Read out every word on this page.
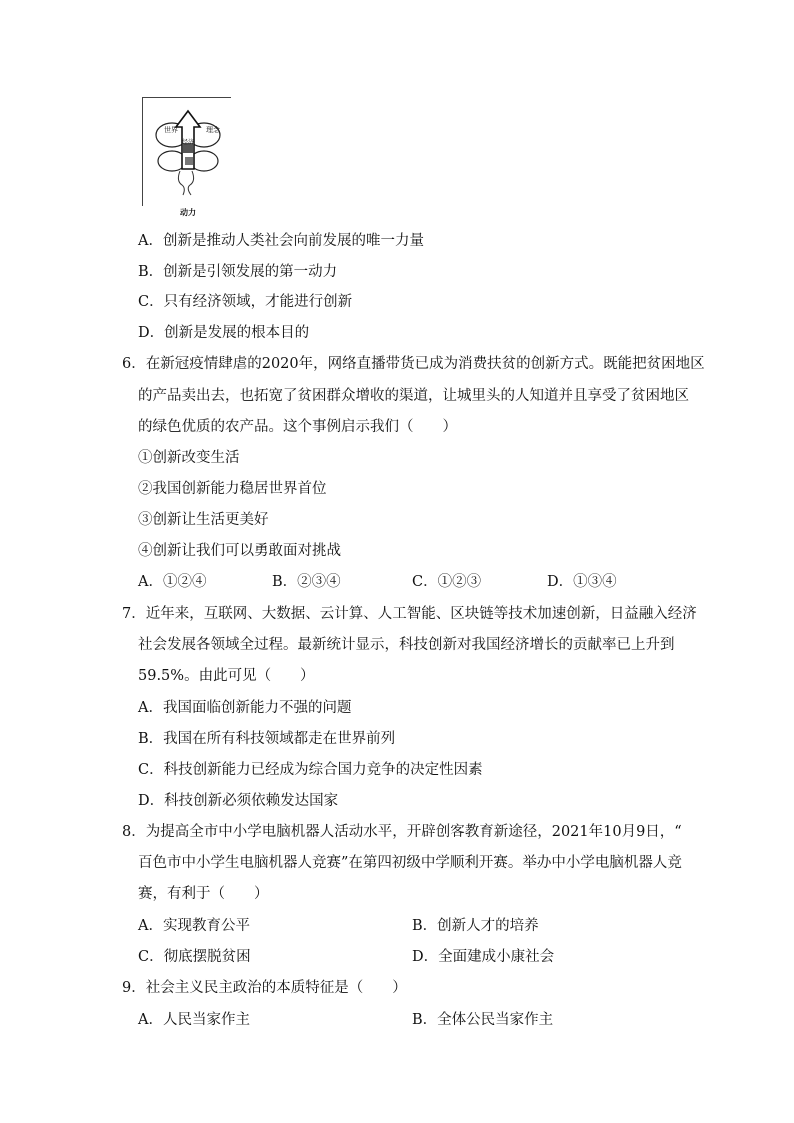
世界	理念
经济
动力
A．创新是推动人类社会向前发展的唯一力量
B．创新是引领发展的第一动力
C．只有经济领域，才能进行创新
D．创新是发展的根本目的
6．在新冠疫情肆虐的2020年，网络直播带货已成为消费扶贫的创新方式。既能把贫困地区
的产品卖出去，也拓宽了贫困群众增收的渠道，让城里头的人知道并且享受了贫困地区
的绿色优质的农产品。这个事例启示我们（　　）
①创新改变生活
②我国创新能力稳居世界首位
③创新让生活更美好
④创新让我们可以勇敢面对挑战
A．①②④	B．②③④	C．①②③	D．①③④
7．近年来，互联网、大数据、云计算、人工智能、区块链等技术加速创新，日益融入经济
社会发展各领域全过程。最新统计显示，科技创新对我国经济增长的贡献率已上升到
59.5%。由此可见（　　）
A．我国面临创新能力不强的问题
B．我国在所有科技领域都走在世界前列
C．科技创新能力已经成为综合国力竞争的决定性因素
D．科技创新必须依赖发达国家
8．为提高全市中小学电脑机器人活动水平，开辟创客教育新途径，2021年10月9日，“
百色市中小学生电脑机器人竞赛”在第四初级中学顺利开赛。举办中小学电脑机器人竞
赛，有利于（　　）
A．实现教育公平	B．创新人才的培养
C．彻底摆脱贫困	D．全面建成小康社会
9．社会主义民主政治的本质特征是（　　）
A．人民当家作主	B．全体公民当家作主
